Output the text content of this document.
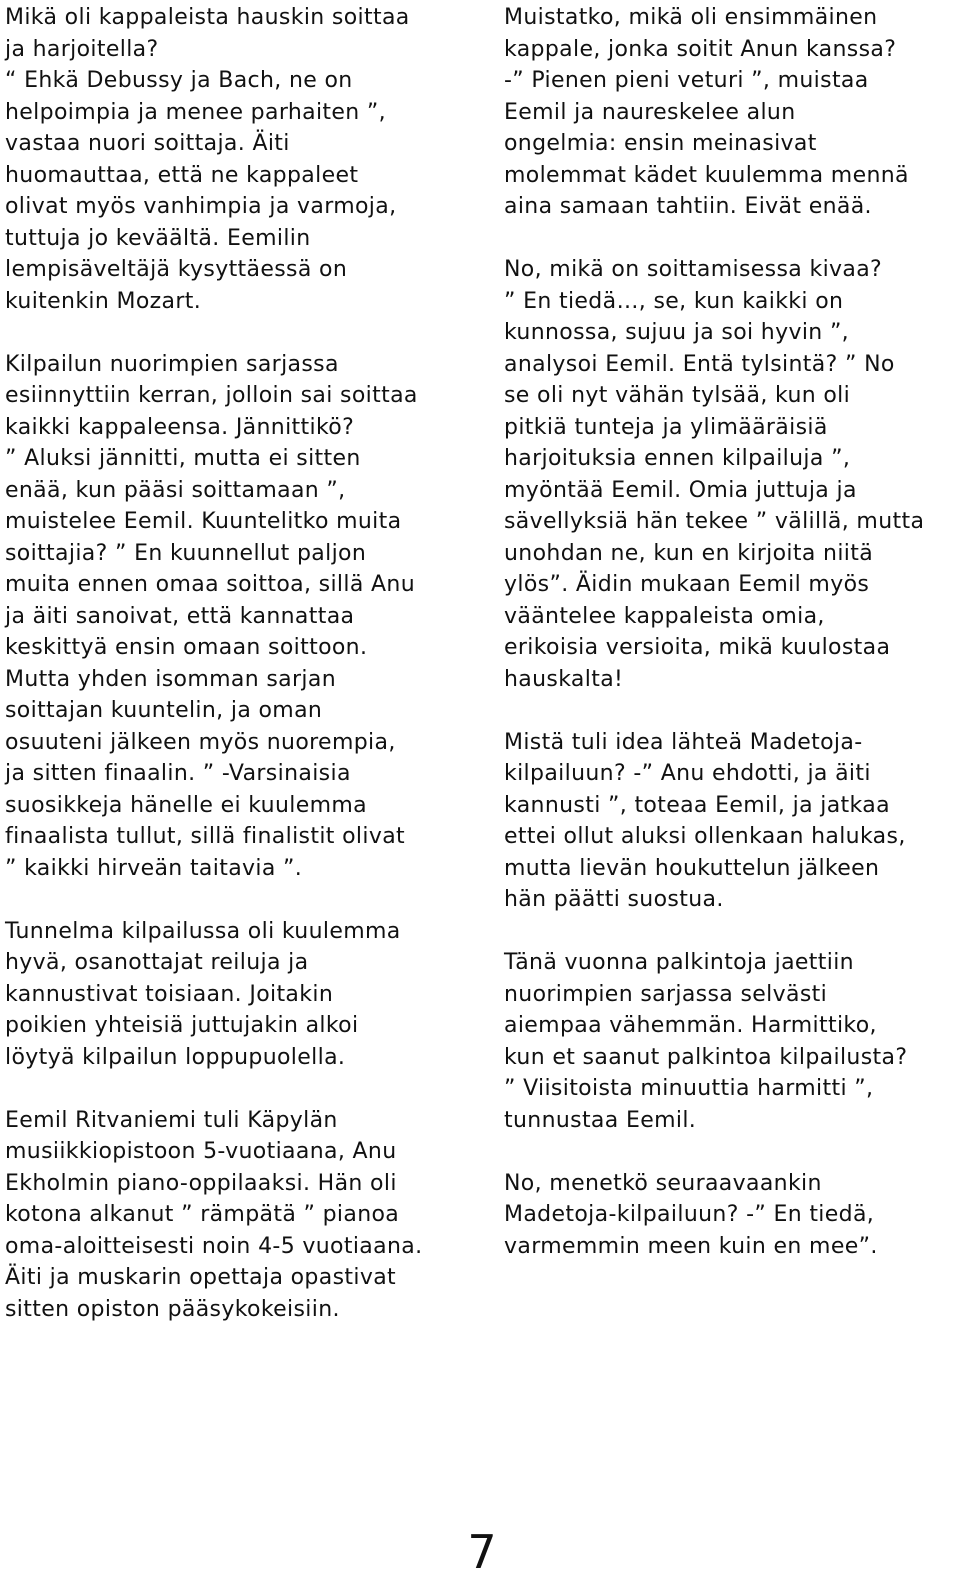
Mikä oli kappaleista hauskin soittaa
ja harjoitella?
“ Ehkä Debussy ja Bach, ne on
helpoimpia ja menee parhaiten ”,
vastaa nuori soittaja. Äiti
huomauttaa, että ne kappaleet
olivat myös vanhimpia ja varmoja,
tuttuja jo keväältä. Eemilin
lempisäveltäjä kysyttäessä on
kuitenkin Mozart.

Kilpailun nuorimpien sarjassa
esiinnyttiin kerran, jolloin sai soittaa
kaikki kappaleensa. Jännittikö?
” Aluksi jännitti, mutta ei sitten
enää, kun pääsi soittamaan ”,
muistelee Eemil. Kuuntelitko muita
soittajia? ” En kuunnellut paljon
muita ennen omaa soittoa, sillä Anu
ja äiti sanoivat, että kannattaa
keskittyä ensin omaan soittoon.
Mutta yhden isomman sarjan
soittajan kuuntelin, ja oman
osuuteni jälkeen myös nuorempia,
ja sitten finaalin. ” -Varsinaisia
suosikkeja hänelle ei kuulemma
finaalista tullut, sillä finalistit olivat
” kaikki hirveän taitavia ”.

Tunnelma kilpailussa oli kuulemma
hyvä, osanottajat reiluja ja
kannustivat toisiaan. Joitakin
poikien yhteisiä juttujakin alkoi
löytyä kilpailun loppupuolella.

Eemil Ritvaniemi tuli Käpylän
musiikkiopistoon 5-vuotiaana, Anu
Ekholmin piano-oppilaaksi. Hän oli
kotona alkanut ” rämpätä ” pianoa
oma-aloitteisesti noin 4-5 vuotiaana.
Äiti ja muskarin opettaja opastivat
sitten opiston pääsykokeisiin.

Muistatko, mikä oli ensimmäinen
kappale, jonka soitit Anun kanssa?
-” Pienen pieni veturi ”, muistaa
Eemil ja naureskelee alun
ongelmia: ensin meinasivat
molemmat kädet kuulemma mennä
aina samaan tahtiin. Eivät enää.

No, mikä on soittamisessa kivaa?
” En tiedä…, se, kun kaikki on
kunnossa, sujuu ja soi hyvin ”,
analysoi Eemil. Entä tylsintä? ” No
se oli nyt vähän tylsää, kun oli
pitkiä tunteja ja ylimääräisiä
harjoituksia ennen kilpailuja ”,
myöntää Eemil. Omia juttuja ja
sävellyksiä hän tekee ” välillä, mutta
unohdan ne, kun en kirjoita niitä
ylös”. Äidin mukaan Eemil myös
vääntelee kappaleista omia,
erikoisia versioita, mikä kuulostaa
hauskalta!

Mistä tuli idea lähteä Madetoja-
kilpailuun? -” Anu ehdotti, ja äiti
kannusti ”, toteaa Eemil, ja jatkaa
ettei ollut aluksi ollenkaan halukas,
mutta lievän houkuttelun jälkeen
hän päätti suostua.

Tänä vuonna palkintoja jaettiin
nuorimpien sarjassa selvästi
aiempaa vähemmän. Harmittiko,
kun et saanut palkintoa kilpailusta?
” Viisitoista minuuttia harmitti ”,
tunnustaa Eemil.

No, menetkö seuraavaankin
Madetoja-kilpailuun? -” En tiedä,
varmemmin meen kuin en mee”.

7
